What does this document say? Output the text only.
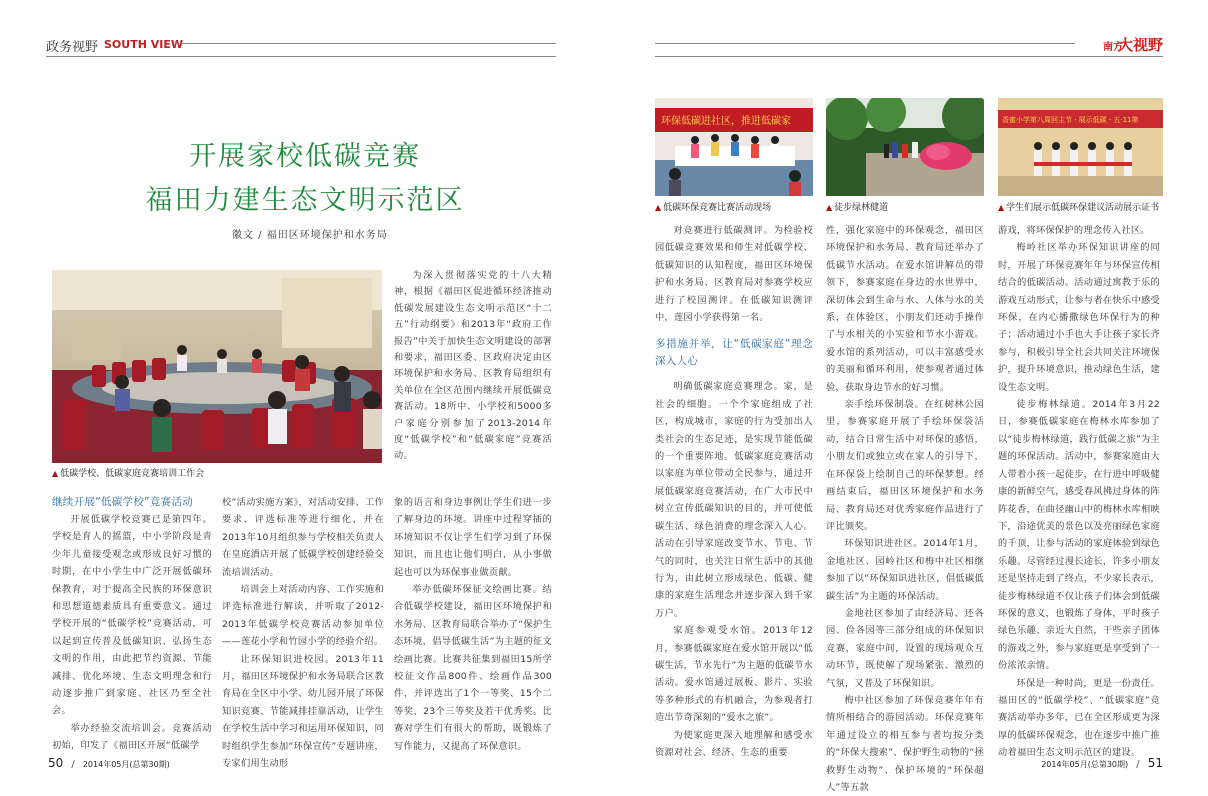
政务视野 SOUTH VIEW	南方
大视野
开展家校低碳竞赛
福田力建生态文明示范区
徽文 / 福田区环境保护和水务局
▲ 低碳学校、低碳家庭竞赛培训工作会

为深入贯彻落实党的十八大精神，根据《福田区促进循环经济推动低碳发展建设生态文明示范区“十二五”行动纲要》和2013年“政府工作报告”中关于加快生态文明建设的部署和要求，福田区委、区政府决定由区环境保护和水务局、区教育局组织有关单位在全区范围内继续开展低碳竞赛活动。18所中、小学校和5000多户家庭分别参加了2013-2014年度“低碳学校”和“低碳家庭”竞赛活动。

继续开展“低碳学校”竞赛活动

开展低碳学校竞赛已是第四年。学校是育人的摇篮，中小学阶段是青少年儿童接受观念或形成良好习惯的时期，在中小学生中广泛开展低碳环保教育，对于提高全民族的环保意识和思想道德素质具有重要意义。通过学校开展的“低碳学校”竞赛活动，可以起到宣传普及低碳知识、弘扬生态文明的作用，由此把节约资源、节能减排、优化环境、生态文明理念和行动逐步推广到家庭、社区乃至全社会。

举办经验交流培训会。竞赛活动初始，印发了《福田区开展“低碳学

校”活动实施方案》，对活动安排、工作要求、评选标准等进行细化，并在2013年10月组织参与学校相关负责人在皇庭酒店开展了低碳学校创建经验交流培训活动。

培训会上对活动内容、工作实施和评选标准进行解读，并听取了2012-2013年低碳学校竞赛活动参加单位——莲花小学和竹园小学的经验介绍。

让环保知识进校园。2013年11月，福田区环境保护和水务局联合区教育局在全区中小学、幼儿园开展了环保知识竞赛、节能减排挂靠活动，让学生在学校生活中学习和运用环保知识，同时组织学生参加“环保宣传”专题讲座，专家们用生动形

象的语言和身边事例让学生们进一步了解身边的环境。讲座中过程穿插的环境知识不仅让学生们学习到了环保知识，而且也让他们明白，从小事做起也可以为环保事业做贡献。

举办低碳环保征文绘画比赛。结合低碳学校建设，福田区环境保护和水务局、区教育局联合举办了“保护生态环境，倡导低碳生活”为主题的征文绘画比赛。比赛共征集到福田15所学校征文作品800件、绘画作品300件，并评选出了1个一等奖、15个二等奖、23个三等奖及若干优秀奖。比赛对学生们有很大的帮助，既锻炼了写作能力，又提高了环保意识。

环保低碳进社区，推进低碳家
▲ 低碳环保竞赛比赛活动现场	▲ 徒步绿林健道
香蜜小学第八周回主节 · 展示低碳 · 五·11第
▲ 学生们展示低碳环保建议活动展示证书

对竞赛进行低碳测评。为检验校园低碳竞赛效果和师生对低碳学校、低碳知识的认知程度，福田区环境保护和水务局、区教育局对参赛学校应进行了校园测评。在低碳知识测评中，莲园小学获得第一名。

多措施并举，让“低碳家庭”理念深入人心

明确低碳家庭竞赛理念。家，是社会的细胞。一个个家庭组成了社区，构成城市，家庭的行为受加出人类社会的生态足迹，是实现节能低碳的一个重要阵地。低碳家庭竞赛活动以家庭为单位带动全民参与，通过开展低碳家庭竞赛活动，在广大市民中树立宣传低碳知识的目的，并可使低碳生活、绿色消费的理念深入人心。活动在引导家庭改变节水、节电、节气的同时，也关注日常生活中的其他行为，由此树立形成绿色、低碳、健康的家庭生活理念并逐步深入到千家万户。

家庭参观受水馆。2013年12月，参赛低碳家庭在爱水馆开展以“低碳生活，节水先行”为主题的低碳节水活动。爱水馆通过展板、影片、实验等多种形式的有机融合，为参观者打造出节奇深刻的“爱水之旅”。

为使家庭更深入地理解和感受水资源对社会、经济、生态的重要

性，强化家庭中的环保观念，福田区环境保护和水务局、教育局还举办了低碳节水活动。在爱水馆讲解员的带领下，参赛家庭在身边的水世界中，深切体会到生命与水、人体与水的关系，在体验区，小朋友们还动手操作了与水相关的小实验和节水小游戏。爱水馆的系列活动，可以丰富感受水的美丽和循环利用，使参观者通过体验，获取身边节水的好习惯。

亲手绘环保制袋。在红树林公园里，参赛家庭开展了手绘环保袋活动，结合日常生活中对环保的感悟，小朋友们或独立或在家人的引导下，在环保袋上绘制自己的环保梦想。经画结束后，福田区环境保护和水务局、教育局还对优秀家庭作品进行了评比颁奖。

环保知识进社区。2014年1月，金地社区、园岭社区和梅中社区相继参加了以“环保知识进社区，倡低碳低碳生活”为主题的环保活动。

金地社区参加了由经济局、还各园、俭各园等三部分组成的环保知识竞赛，家庭中间，设置的现场观众互动环节，既使解了现场紧张、激烈的气氛，又普及了环保知识。

梅中社区参加了环保竞赛年年有情所相结合的游园活动。环保竞赛年年通过设立的相互参与者均按分类的“环保大搜索”、保护野生动物的“拯救野生动物”、保护环境的“环保超人”等五款

游戏，将环保保护的理念传入社区。

梅岭社区举办环保知识讲座的同时，开展了环保竞赛年年与环保宣传相结合的低碳活动。活动通过寓教于乐的游戏互动形式，让参与者在快乐中感受环保，在内心播撒绿色环保行为的种子；活动通过小手也大手让孩子家长齐参与，积极引导全社会共同关注环境保护，提升环境意识，推动绿色生活，建设生态文明。

徒步梅林绿道。2014年3月22日，参赛低碳家庭在梅林水库参加了以“徒步梅林绿道，践行低碳之旅”为主题的环保活动。活动中，参赛家庭由大人带着小孩一起徒步，在行进中呼吸健康的新鲜空气，感受春风拂过身体的阵阵花香，在曲径幽山中的梅林水库相映下，沿途优美的景色以及亮丽绿色家庭的千顶，让参与活动的家庭体验到绿色乐趣。尽管经过漫长途长，许多小朋友还是坚持走到了终点，不少家长表示，徒步梅林绿道不仅让孩子们体会到低碳环保的意义，也锻炼了身体，平时孩子绿色乐趣、亲近大自然，干些亲子团体的游戏之外，参与家庭更是享受到了一份浓浓亲情。

环保是一种时尚，更是一份责任。福田区的“低碳学校”、“低碳家庭”竞赛活动举办多年，已在全区形成更为深厚的低碳环保观念，也在逐步中推广推动着福田生态文明示范区的建设。

50 / 2014年05月(总第30期)	2014年05月(总第30期) / 51
